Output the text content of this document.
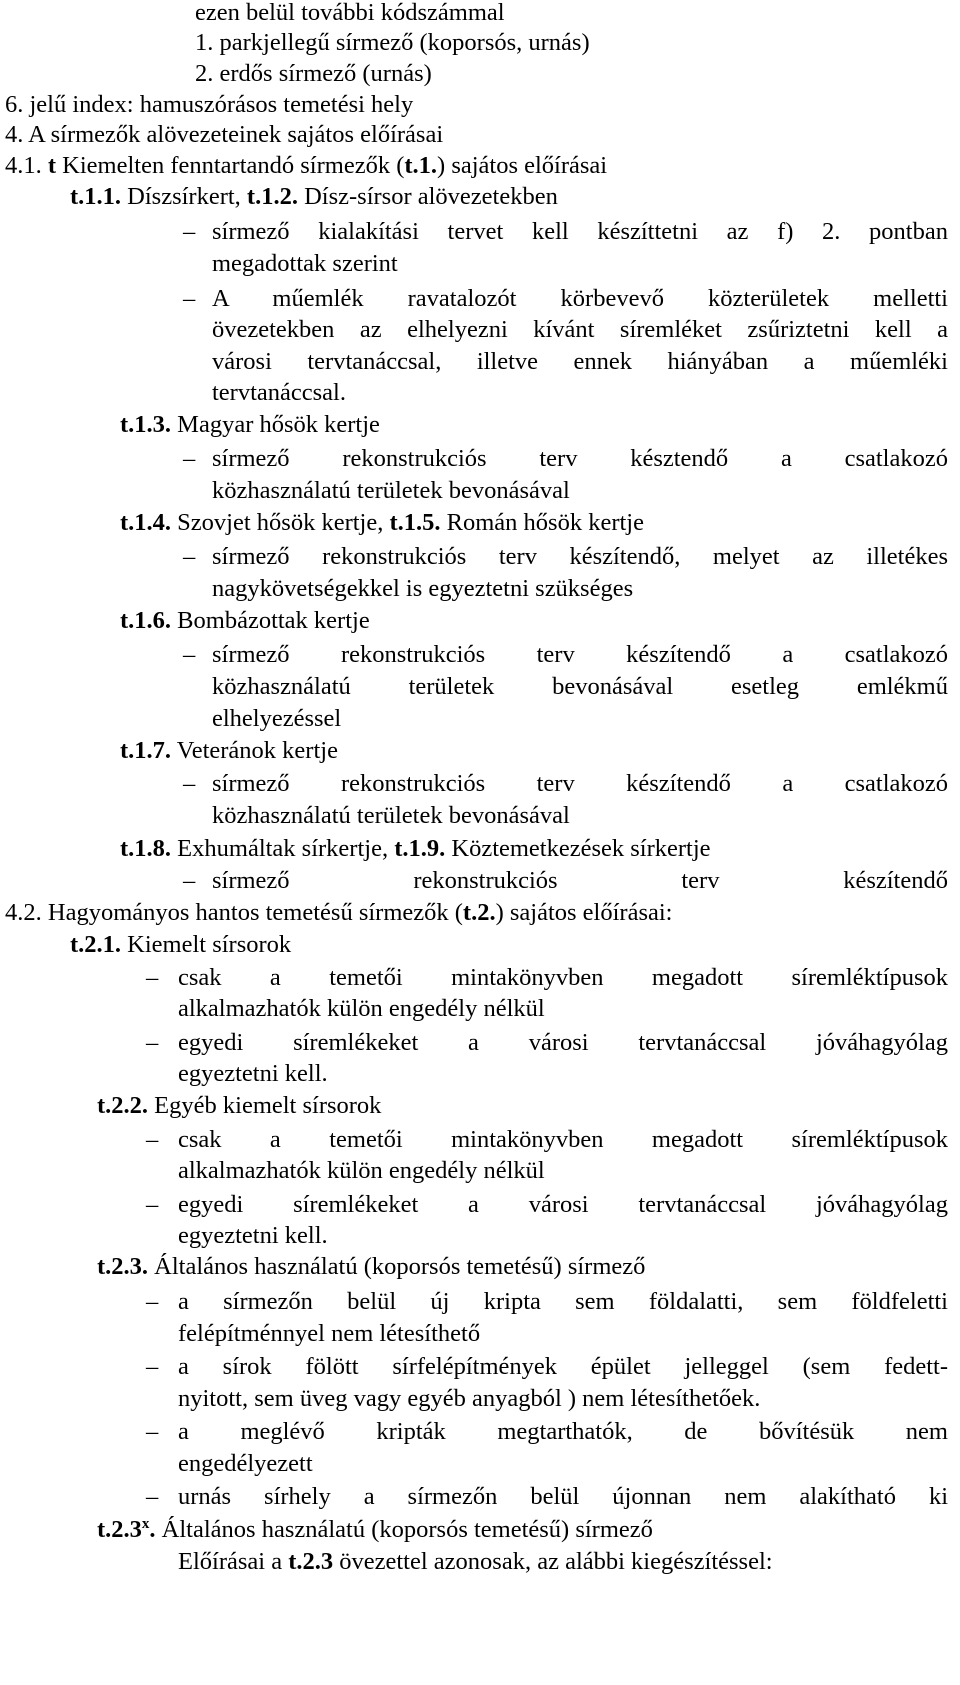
ezen belül további kódszámmal
1. parkjellegű sírmező (koporsós, urnás)
2. erdős sírmező (urnás)
6. jelű index: hamuszórásos temetési hely
4. A sírmezők alövezeteinek sajátos előírásai
4.1. t Kiemelten fenntartandó sírmezők (t.1.) sajátos előírásai
t.1.1. Díszsírkert, t.1.2. Dísz-sírsor alövezetekben
– sírmező kialakítási tervet kell készíttetni az f) 2. pontban
megadottak szerint
– A műemlék ravatalozót körbevevő közterületek melletti
övezetekben az elhelyezni kívánt síremléket zsűriztetni kell a
városi tervtanáccsal, illetve ennek hiányában a műemléki
tervtanáccsal.
t.1.3. Magyar hősök kertje
– sírmező rekonstrukciós terv késztendő a csatlakozó
közhasználatú területek bevonásával
t.1.4. Szovjet hősök kertje, t.1.5. Román hősök kertje
– sírmező rekonstrukciós terv készítendő, melyet az illetékes
nagykövetségekkel is egyeztetni szükséges
t.1.6. Bombázottak kertje
– sírmező rekonstrukciós terv készítendő a csatlakozó
közhasználatú területek bevonásával esetleg emlékmű
elhelyezéssel
t.1.7. Veteránok kertje
– sírmező rekonstrukciós terv készítendő a csatlakozó
közhasználatú területek bevonásával
t.1.8. Exhumáltak sírkertje, t.1.9. Köztemetkezések sírkertje
– sírmező rekonstrukciós terv készítendő
4.2. Hagyományos hantos temetésű sírmezők (t.2.) sajátos előírásai:
t.2.1. Kiemelt sírsorok
– csak a temetői mintakönyvben megadott síremléktípusok
alkalmazhatók külön engedély nélkül
– egyedi síremlékeket a városi tervtanáccsal jóváhagyólag
egyeztetni kell.
t.2.2. Egyéb kiemelt sírsorok
– csak a temetői mintakönyvben megadott síremléktípusok
alkalmazhatók külön engedély nélkül
– egyedi síremlékeket a városi tervtanáccsal jóváhagyólag
egyeztetni kell.
t.2.3. Általános használatú (koporsós temetésű) sírmező
– a sírmezőn belül új kripta sem földalatti, sem földfeletti
felépítménnyel nem létesíthető
– a sírok fölött sírfelépítmények épület jelleggel (sem fedett-
nyitott, sem üveg vagy egyéb anyagból ) nem létesíthetőek.
– a meglévő kripták megtarthatók, de bővítésük nem
engedélyezett
– urnás sírhely a sírmezőn belül újonnan nem alakítható ki
t.2.3$^x$. Általános használatú (koporsós temetésű) sírmező
Előírásai a t.2.3 övezettel azonosak, az alábbi kiegészítéssel:
